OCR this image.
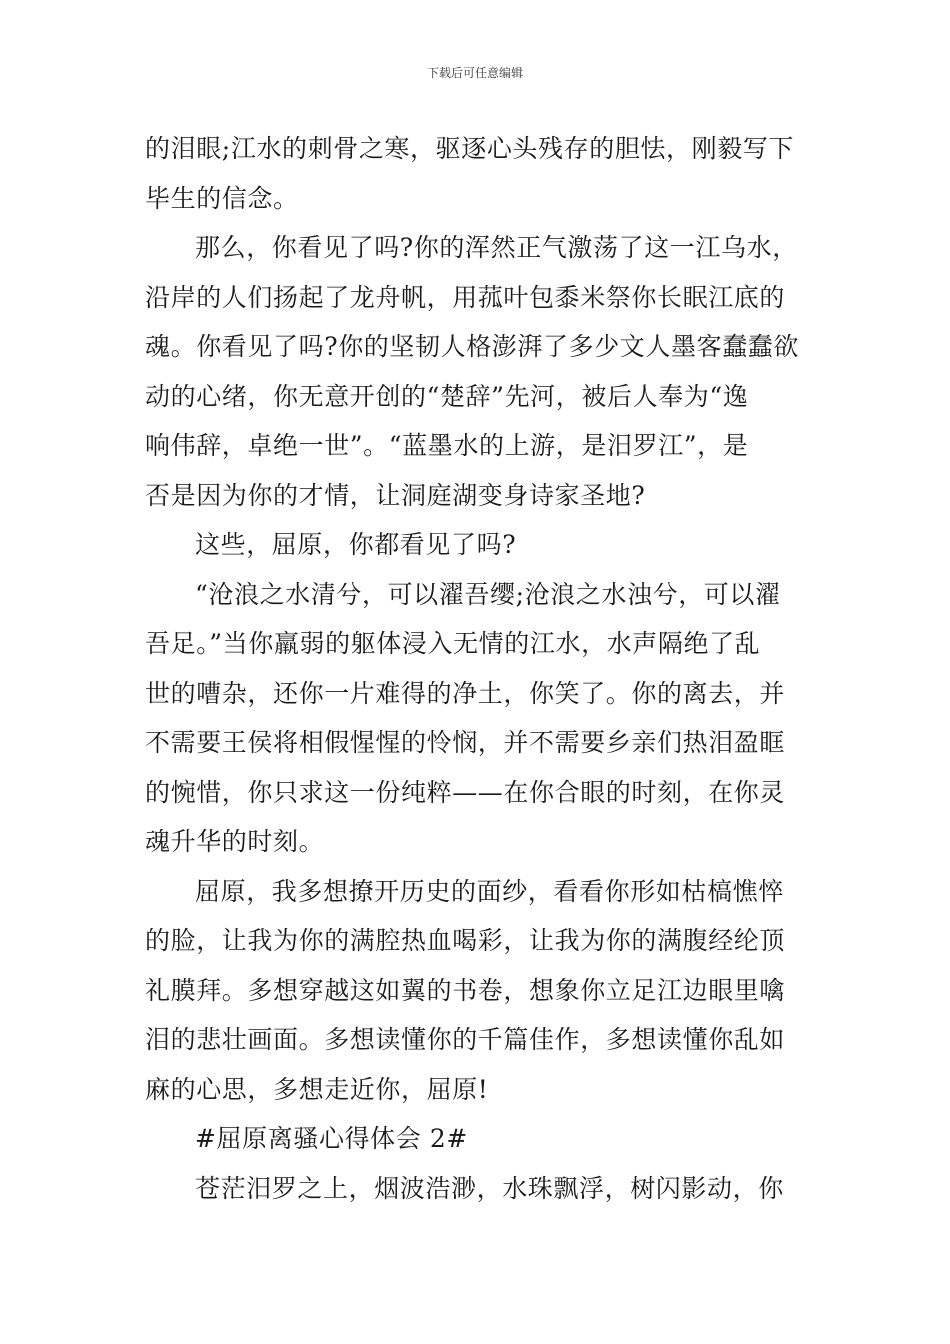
下载后可任意编辑
的泪眼;江水的刺骨之寒，驱逐心头残存的胆怯，刚毅写下
毕生的信念。
那么，你看见了吗?你的浑然正气激荡了这一江乌水，
沿岸的人们扬起了龙舟帆，用菰叶包黍米祭你长眠江底的
魂。你看见了吗?你的坚韧人格澎湃了多少文人墨客蠢蠢欲
动的心绪，你无意开创的“楚辞”先河，被后人奉为“逸
响伟辞，卓绝一世”。“蓝墨水的上游，是汨罗江”，是
否是因为你的才情，让洞庭湖变身诗家圣地?
这些，屈原，你都看见了吗?
“沧浪之水清兮，可以濯吾缨;沧浪之水浊兮，可以濯
吾足。”当你羸弱的躯体浸入无情的江水，水声隔绝了乱
世的嘈杂，还你一片难得的净土，你笑了。你的离去，并
不需要王侯将相假惺惺的怜悯，并不需要乡亲们热泪盈眶
的惋惜，你只求这一份纯粹——在你合眼的时刻，在你灵
魂升华的时刻。
屈原，我多想撩开历史的面纱，看看你形如枯槁憔悴
的脸，让我为你的满腔热血喝彩，让我为你的满腹经纶顶
礼膜拜。多想穿越这如翼的书卷，想象你立足江边眼里噙
泪的悲壮画面。多想读懂你的千篇佳作，多想读懂你乱如
麻的心思，多想走近你，屈原!
#屈原离骚心得体会 2#
苍茫汨罗之上，烟波浩渺，水珠飘浮，树闪影动，你
